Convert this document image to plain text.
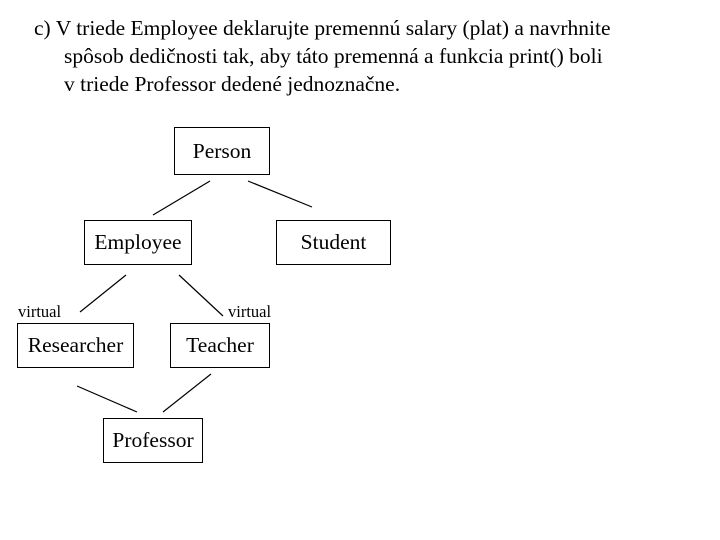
c) V triede Employee deklarujte premennú salary (plat) a navrhnite
spôsob dedičnosti tak, aby táto premenná a funkcia print() boli
v triede Professor dedené jednoznačne.
Person
Employee	Student
Researcher	Teacher
Professor
virtual	virtual
